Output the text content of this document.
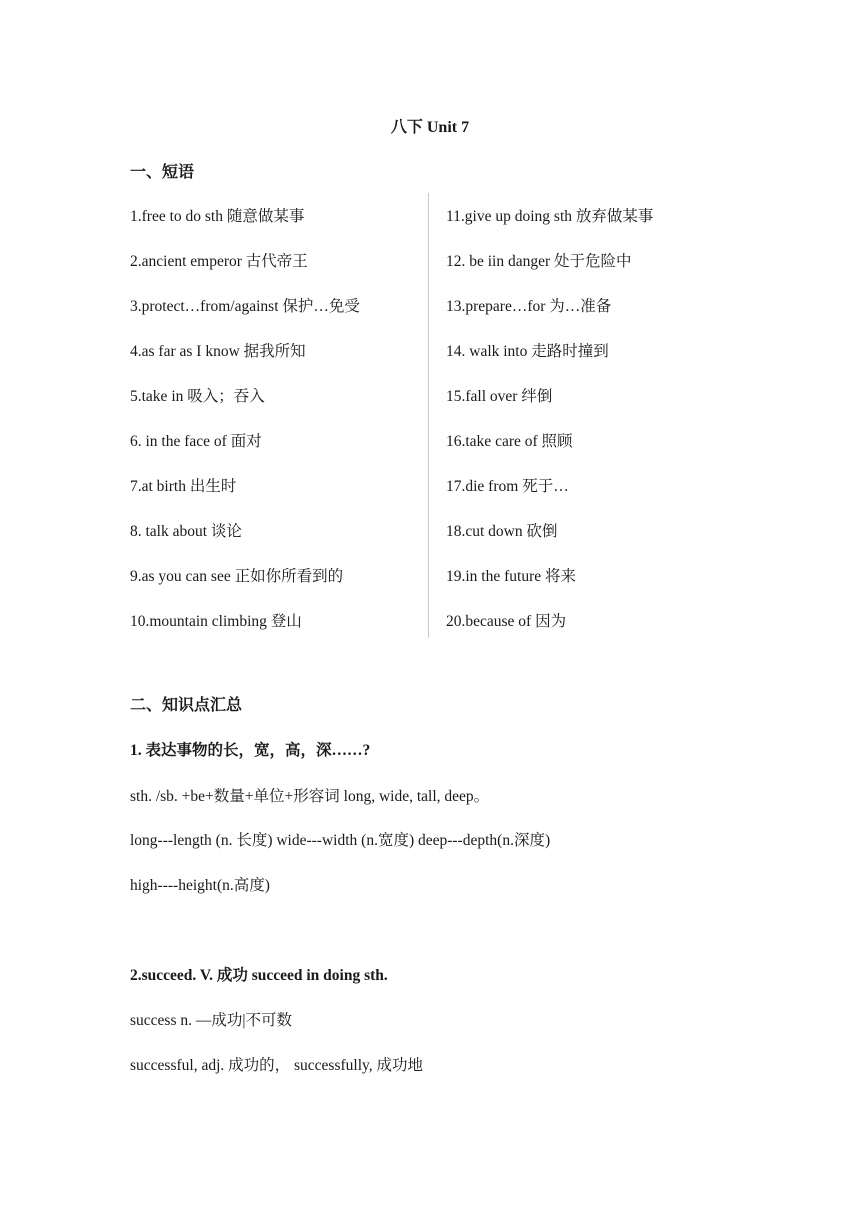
八下 Unit 7
一、短语
1.free to do sth 随意做某事
2.ancient emperor 古代帝王
3.protect…from/against 保护…免受
4.as far as I know 据我所知
5.take in 吸入；吞入
6. in the face of 面对
7.at birth 出生时
8. talk about 谈论
9.as you can see 正如你所看到的
10.mountain climbing 登山
11.give up doing sth 放弃做某事
12. be iin danger 处于危险中
13.prepare…for 为…准备
14. walk into 走路时撞到
15.fall over 绊倒
16.take care of 照顾
17.die from 死于…
18.cut down 砍倒
19.in the future 将来
20.because of 因为
二、知识点汇总
1. 表达事物的长，宽，高，深……?
sth. /sb. +be+数量+单位+形容词 long, wide, tall, deep。
long---length (n. 长度) wide---width (n.宽度) deep---depth(n.深度)
high----height(n.高度)
2.succeed. V. 成功 succeed in doing sth.
success n. —成功|不可数
successful, adj. 成功的， successfully, 成功地
